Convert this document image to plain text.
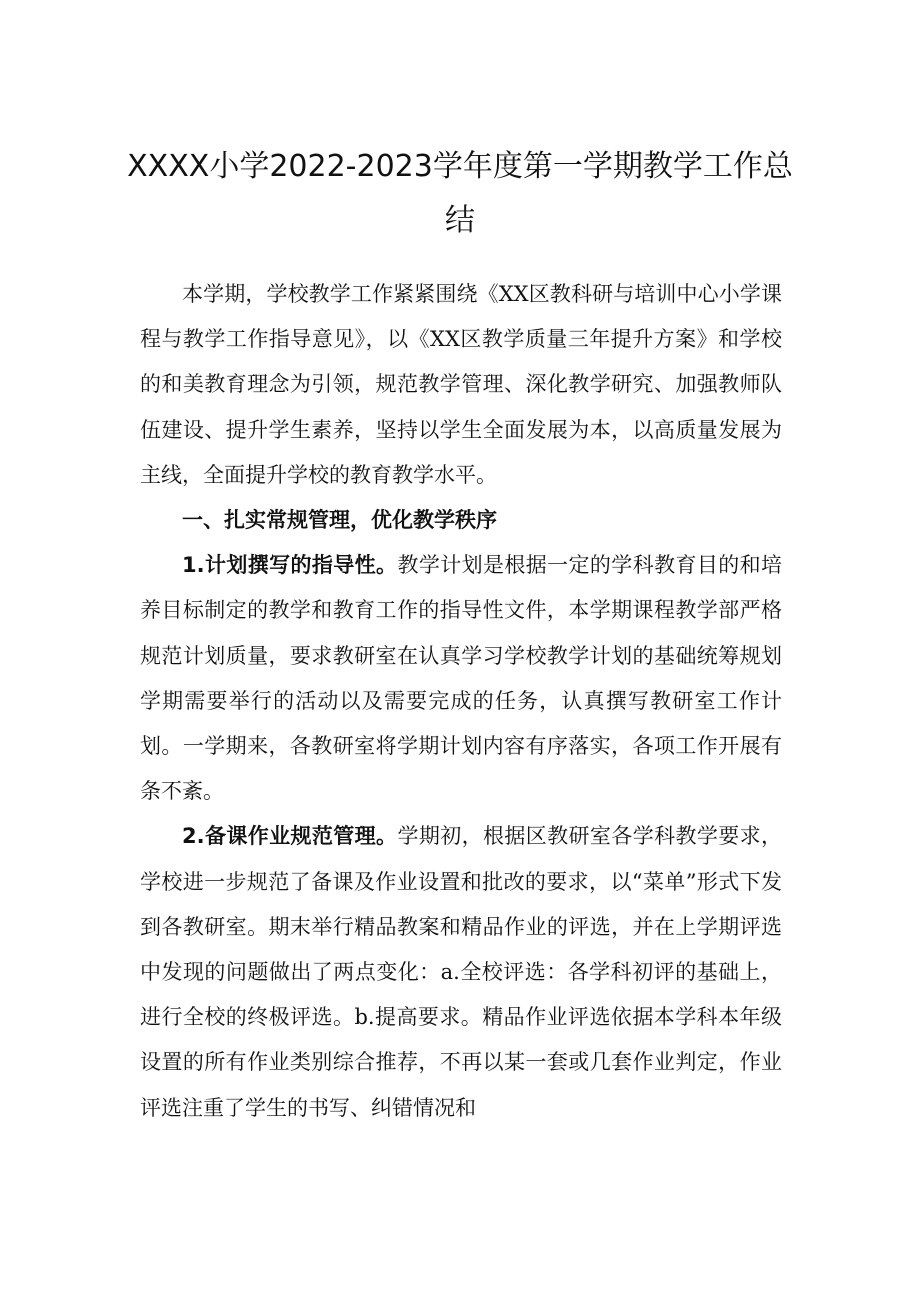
XXXX小学2022-2023学年度第一学期教学工作总结

本学期，学校教学工作紧紧围绕《XX区教科研与培训中心小学课程与教学工作指导意见》，以《XX区教学质量三年提升方案》和学校的和美教育理念为引领，规范教学管理、深化教学研究、加强教师队伍建设、提升学生素养，坚持以学生全面发展为本，以高质量发展为主线，全面提升学校的教育教学水平。

一、扎实常规管理，优化教学秩序

1.计划撰写的指导性。教学计划是根据一定的学科教育目的和培养目标制定的教学和教育工作的指导性文件，本学期课程教学部严格规范计划质量，要求教研室在认真学习学校教学计划的基础统筹规划学期需要举行的活动以及需要完成的任务，认真撰写教研室工作计划。一学期来，各教研室将学期计划内容有序落实，各项工作开展有条不紊。

2.备课作业规范管理。学期初，根据区教研室各学科教学要求，学校进一步规范了备课及作业设置和批改的要求，以“菜单”形式下发到各教研室。期末举行精品教案和精品作业的评选，并在上学期评选中发现的问题做出了两点变化：a.全校评选：各学科初评的基础上，进行全校的终极评选。b.提高要求。精品作业评选依据本学科本年级设置的所有作业类别综合推荐，不再以某一套或几套作业判定，作业评选注重了学生的书写、纠错情况和
